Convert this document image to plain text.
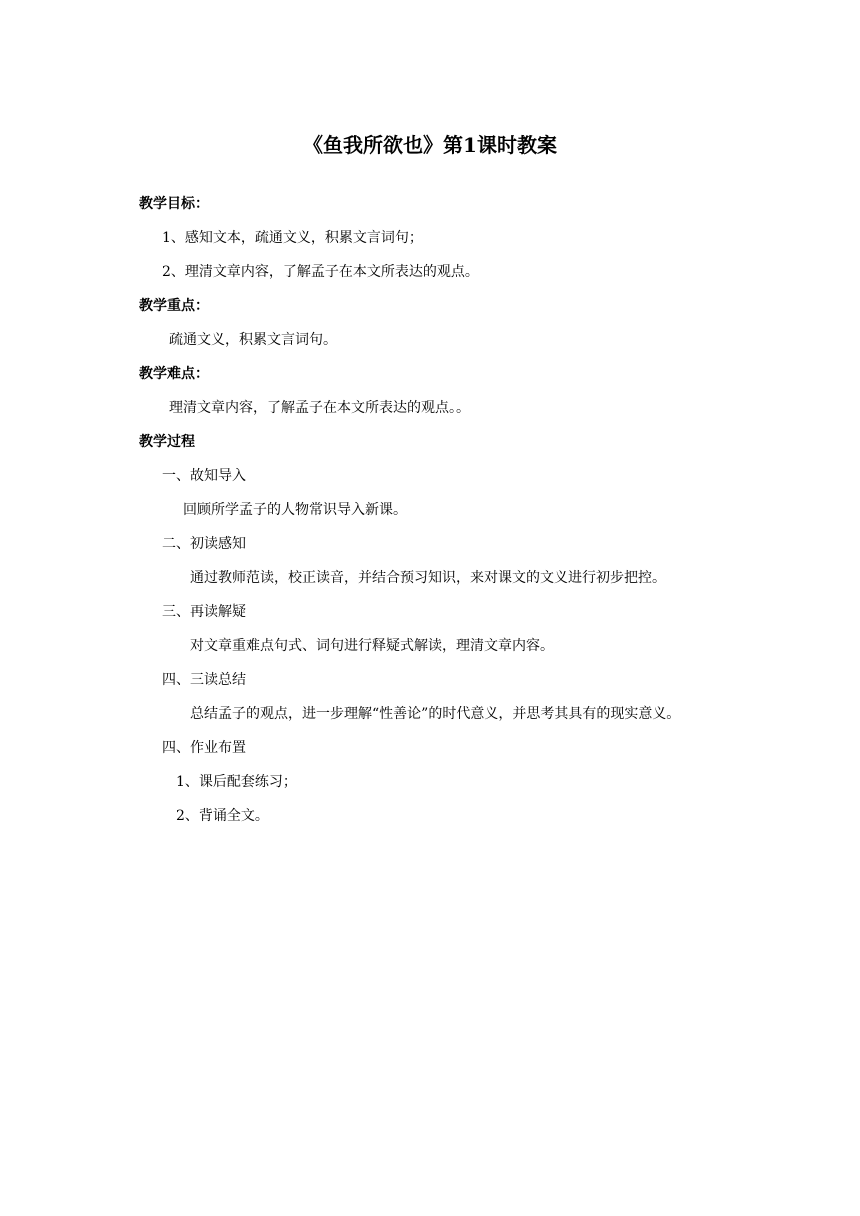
《鱼我所欲也》第1课时教案
教学目标：
1、感知文本，疏通文义，积累文言词句；
2、理清文章内容，了解孟子在本文所表达的观点。
教学重点：
疏通文义，积累文言词句。
教学难点：
理清文章内容，了解孟子在本文所表达的观点。。
教学过程
一、故知导入
回顾所学孟子的人物常识导入新课。
二、初读感知
通过教师范读，校正读音，并结合预习知识，来对课文的文义进行初步把控。
三、再读解疑
对文章重难点句式、词句进行释疑式解读，理清文章内容。
四、三读总结
总结孟子的观点，进一步理解“性善论”的时代意义，并思考其具有的现实意义。
四、作业布置
1、课后配套练习；
2、背诵全文。
